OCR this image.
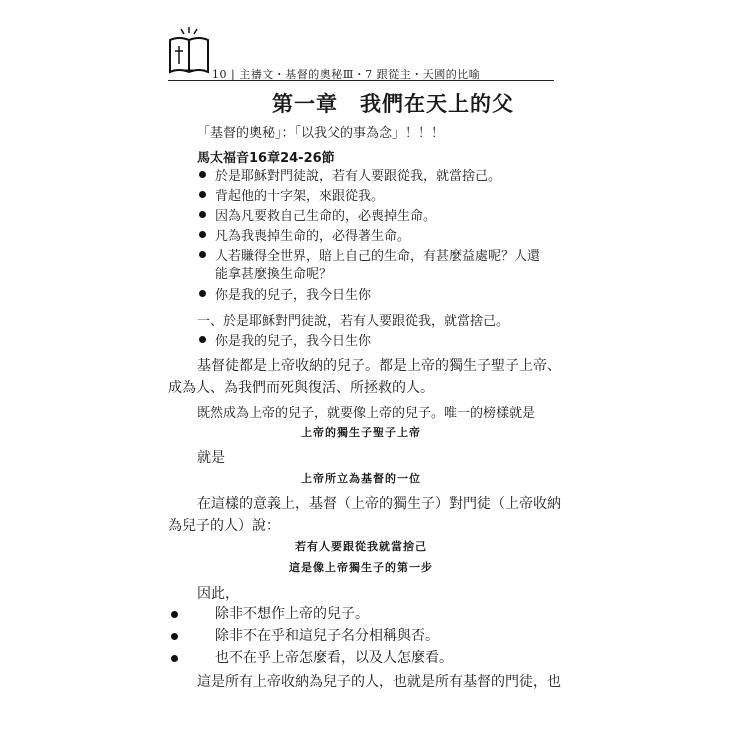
10 | 主禱文・基督的奧秘Ⅲ・7 跟從主・天國的比喻
第一章　我們在天上的父
「基督的奧秘」：「以我父的事為念」！！！
馬太福音16章24-26節
於是耶穌對門徒說，若有人要跟從我，就當捨己。
背起他的十字架，來跟從我。
因為凡要救自己生命的，必喪掉生命。
凡為我喪掉生命的，必得著生命。
人若賺得全世界，賠上自己的生命，有甚麼益處呢？人還
能拿甚麼換生命呢？
你是我的兒子，我今日生你
一、於是耶穌對門徒說，若有人要跟從我，就當捨己。
你是我的兒子，我今日生你
基督徒都是上帝收納的兒子。都是上帝的獨生子聖子上帝、
成為人、為我們而死與復活、所拯救的人。
既然成為上帝的兒子，就要像上帝的兒子。唯一的榜樣就是
上帝的獨生子聖子上帝
就是
上帝所立為基督的一位
在這樣的意義上，基督（上帝的獨生子）對門徒（上帝收納
為兒子的人）說：
若有人要跟從我就當捨己
這是像上帝獨生子的第一步
因此，
除非不想作上帝的兒子。
除非不在乎和這兒子名分相稱與否。
也不在乎上帝怎麼看，以及人怎麼看。
這是所有上帝收納為兒子的人，也就是所有基督的門徒，也
